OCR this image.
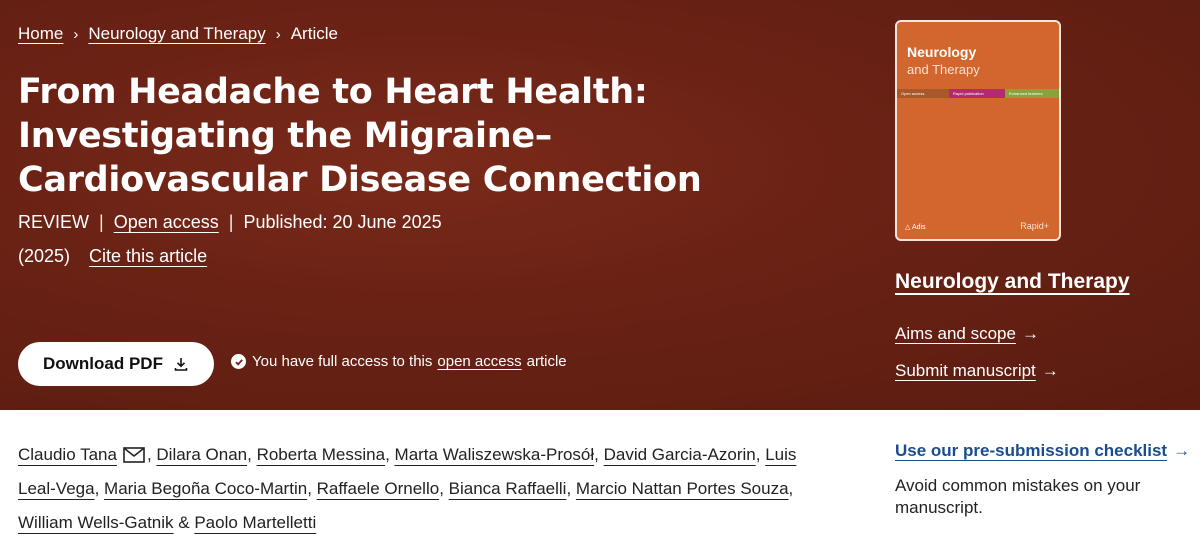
Home › Neurology and Therapy › Article
From Headache to Heart Health: Investigating the Migraine–Cardiovascular Disease Connection
REVIEW | Open access | Published: 20 June 2025
(2025) Cite this article
Download PDF	You have full access to this open access article
Neurology
and Therapy
Open access	Rapid publication	Enhanced features
△ Adis	Rapid+
Neurology and Therapy
Aims and scope →
Submit manuscript →
Claudio Tana , Dilara Onan, Roberta Messina, Marta Waliszewska-Prosół, David Garcia-Azorin, Luis Leal-Vega, Maria Begoña Coco-Martin, Raffaele Ornello, Bianca Raffaelli, Marcio Nattan Portes Souza, William Wells-Gatnik & Paolo Martelletti
Use our pre-submission checklist →
Avoid common mistakes on your manuscript.
